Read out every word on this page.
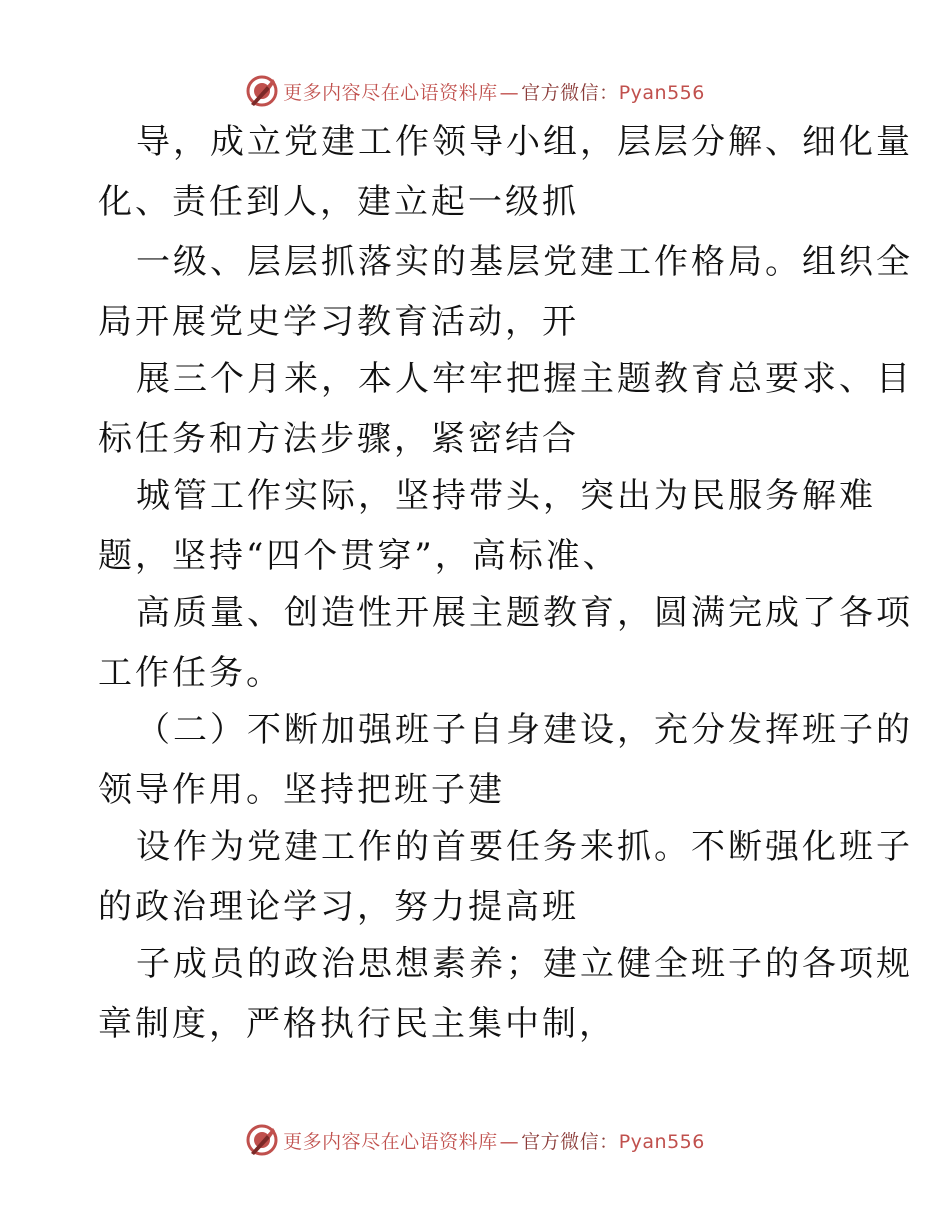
更多内容尽在心语资料库 — 官方微信：Pyan556
导，成立党建工作领导小组，层层分解、细化量
化、责任到人，建立起一级抓
一级、层层抓落实的基层党建工作格局。组织全
局开展党史学习教育活动，开
展三个月来，本人牢牢把握主题教育总要求、目
标任务和方法步骤，紧密结合
城管工作实际，坚持带头，突出为民服务解难
题，坚持“四个贯穿”，高标准、
高质量、创造性开展主题教育，圆满完成了各项
工作任务。
（二）不断加强班子自身建设，充分发挥班子的
领导作用。坚持把班子建
设作为党建工作的首要任务来抓。不断强化班子
的政治理论学习，努力提高班
子成员的政治思想素养；建立健全班子的各项规
章制度，严格执行民主集中制，
更多内容尽在心语资料库 — 官方微信：Pyan556
